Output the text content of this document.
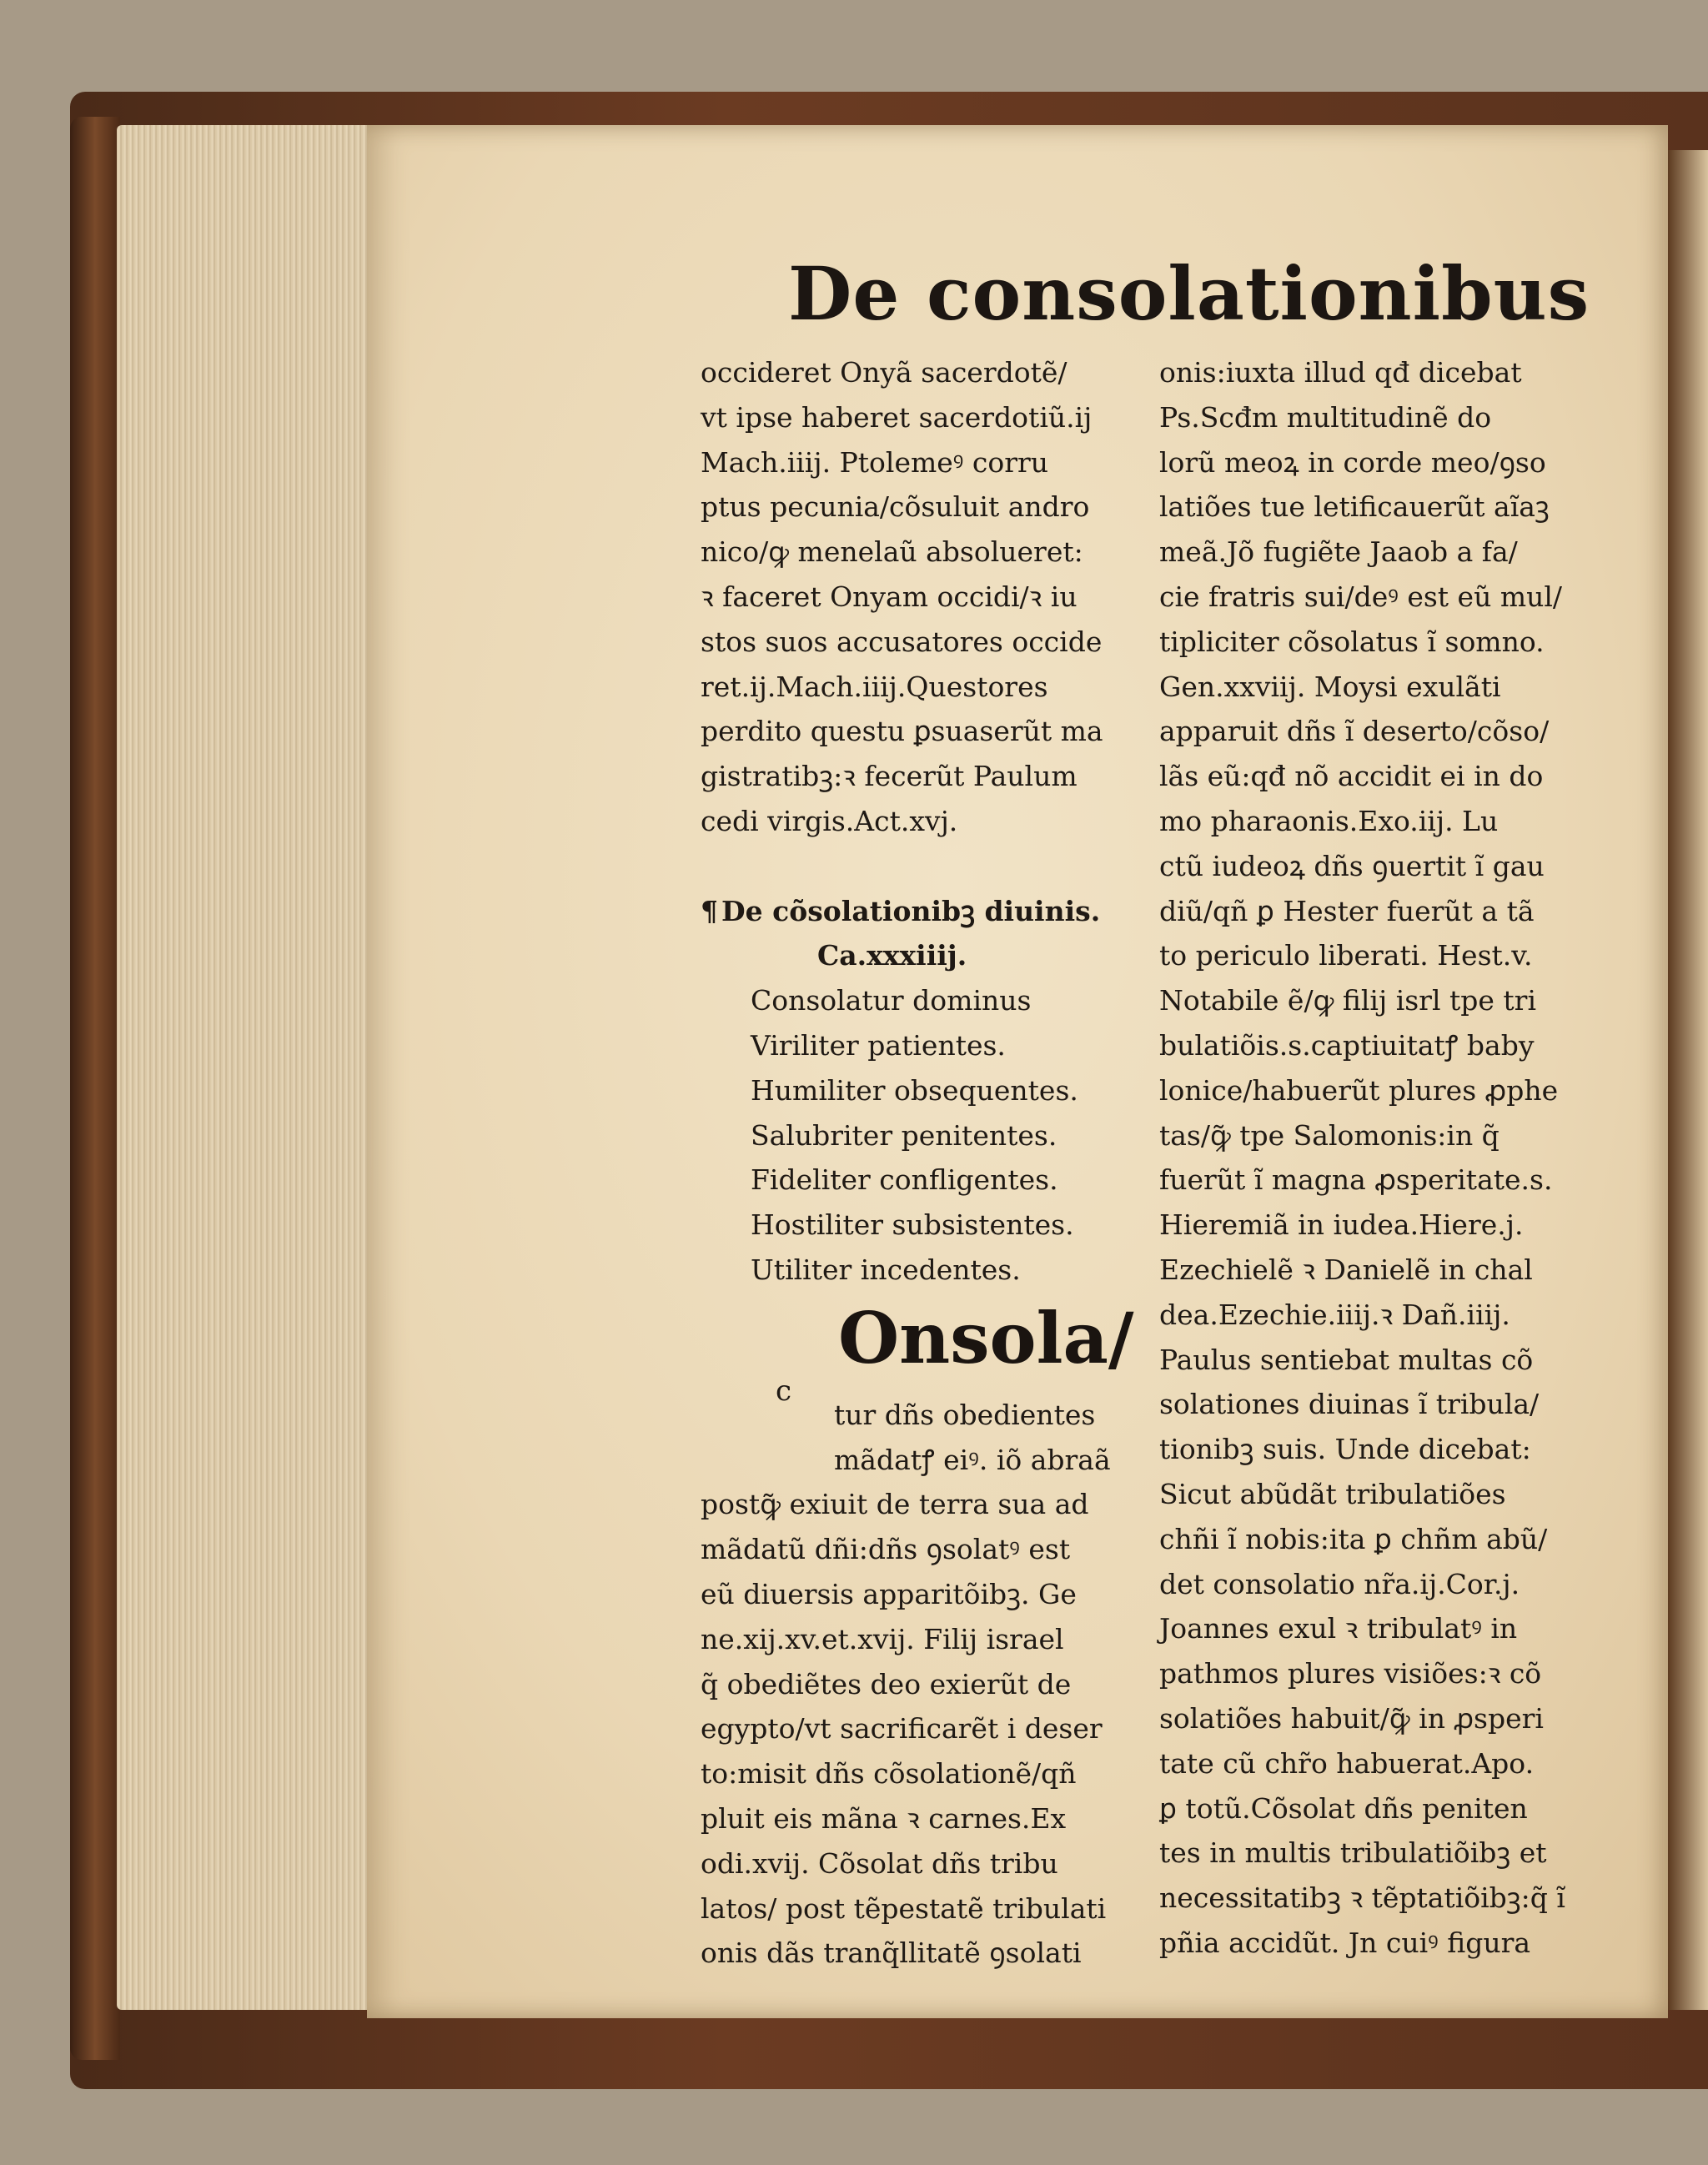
De consolationibus
occideret Onyã sacerdotẽ/
vt ipse haberet sacerdotiũ.ij
Mach.iiij. Ptolemeꝰ corru
ptus pecunia/cõsuluit andro
nico/ꝙ menelaũ absolueret:
ꝛ faceret Onyam occidi/ꝛ iu
stos suos accusatores occide
ret.ij.Mach.iiij.Questores
perdito questu ꝑsuaserũt ma
gistratibꝫ:ꝛ fecerũt Paulum
cedi virgis.Act.xvj.
¶ De cõsolationibꝫ diuinis.
Ca.xxxiiij.
Consolatur dominus
Viriliter patientes.
Humiliter obsequentes.
Salubriter penitentes.
Fideliter confligentes.
Hostiliter subsistentes.
Utiliter incedentes.
Onsola/
c
tur dñs obedientes
mãdatꝭ eiꝰ. iõ abraã
postꝙ̃ exiuit de terra sua ad
mãdatũ dñi:dñs ꝯsolatꝰ est
eũ diuersis apparitõibꝫ. Ge
ne.xij.xv.et.xvij. Filij israel
q̃ obediẽtes deo exierũt de
egypto/vt sacrificarẽt i deser
to:misit dñs cõsolationẽ/qñ
pluit eis mãna ꝛ carnes.Ex
odi.xvij. Cõsolat dñs tribu
latos/ post tẽpestatẽ tribulati
onis dãs tranq̃llitatẽ ꝯsolati
onis:iuxta illud qđ dicebat
Ps.Scđm multitudinẽ do
lorũ meoꝝ in corde meo/ꝯso
latiões tue letificauerũt aĩaꝫ
meã.Jõ fugiẽte Jaaob a fa/
cie fratris sui/deꝰ est eũ mul/
tipliciter cõsolatus ĩ somno.
Gen.xxviij. Moysi exulãti
apparuit dñs ĩ deserto/cõso/
lãs eũ:qđ nõ accidit ei in do
mo pharaonis.Exo.iij. Lu
ctũ iudeoꝝ dñs ꝯuertit ĩ gau
diũ/qñ ꝑ Hester fuerũt a tã
to periculo liberati. Hest.v.
Notabile ẽ/ꝙ filij isrl tpe tri
bulatiõis.s.captiuitatꝭ baby
lonice/habuerũt plures ꝓphe
tas/ꝙ̃ tpe Salomonis:in q̃
fuerũt ĩ magna ꝓsperitate.s.
Hieremiã in iudea.Hiere.j.
Ezechielẽ ꝛ Danielẽ in chal
dea.Ezechie.iiij.ꝛ Dañ.iiij.
Paulus sentiebat multas cõ
solationes diuinas ĩ tribula/
tionibꝫ suis. Unde dicebat:
Sicut abũdãt tribulatiões
chñi ĩ nobis:ita ꝑ chñm abũ/
det consolatio nr̃a.ij.Cor.j.
Joannes exul ꝛ tribulatꝰ in
pathmos plures visiões:ꝛ cõ
solatiões habuit/ꝙ̃ in ꝓsperi
tate cũ chr̃o habuerat.Apo.
ꝑ totũ.Cõsolat dñs peniten
tes in multis tribulatiõibꝫ et
necessitatibꝫ ꝛ tẽptatiõibꝫ:q̃ ĩ
pñia accidũt. Jn cuiꝰ figura
